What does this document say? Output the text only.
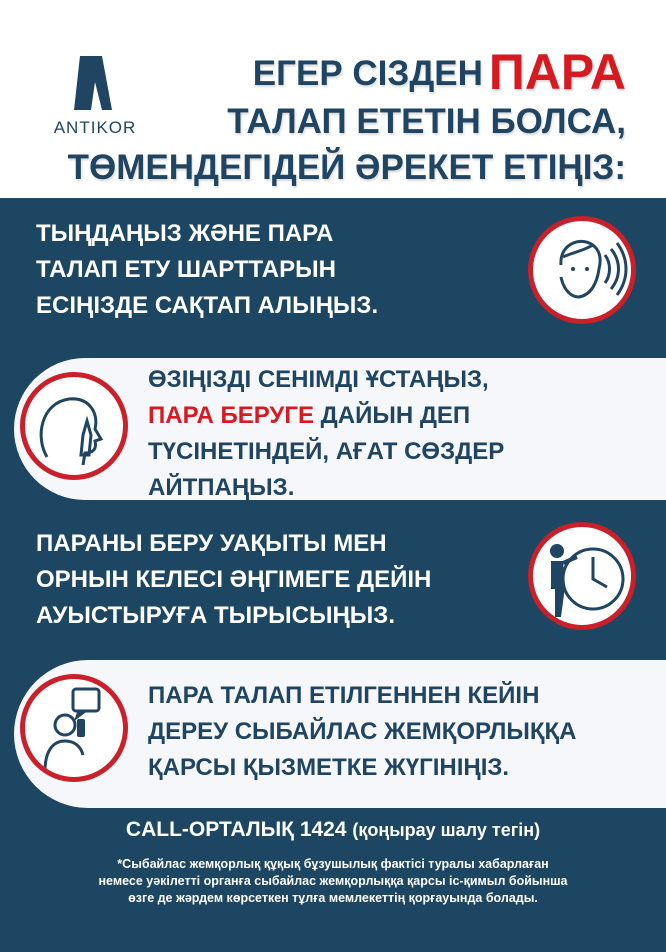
ANTIKOR
ЕГЕР СІЗДЕН ПАРА
ТАЛАП ЕТЕТІН БОЛСА,
ТӨМЕНДЕГІДЕЙ ӘРЕКЕТ ЕТІҢІЗ:
ТЫҢДАҢЫЗ ЖӘНЕ ПАРА
ТАЛАП ЕТУ ШАРТТАРЫН
ЕСІҢІЗДЕ САҚТАП АЛЫҢЫЗ.
ӨЗІҢІЗДІ СЕНІМДІ ҰСТАҢЫЗ,
ПАРА БЕРУГЕ ДАЙЫН ДЕП
ТҮСІНЕТІНДЕЙ, АҒАТ СӨЗДЕР
АЙТПАҢЫЗ.
ПАРАНЫ БЕРУ УАҚЫТЫ МЕН
ОРНЫН КЕЛЕСІ ӘҢГІМЕГЕ ДЕЙІН
АУЫСТЫРУҒА ТЫРЫСЫҢЫЗ.
ПАРА ТАЛАП ЕТІЛГЕННЕН КЕЙІН
ДЕРЕУ СЫБАЙЛАС ЖЕМҚОРЛЫҚҚА
ҚАРСЫ ҚЫЗМЕТКЕ ЖҮГІНІҢІЗ.
CALL-ОРТАЛЫҚ 1424 (қоңырау шалу тегін)
*Сыбайлас жемқорлық құқық бұзушылық фактісі туралы хабарлаған
немесе уәкілетті органға сыбайлас жемқорлыққа қарсы іс-қимыл бойынша
өзге де жәрдем көрсеткен тұлға мемлекеттің қорғауында болады.
